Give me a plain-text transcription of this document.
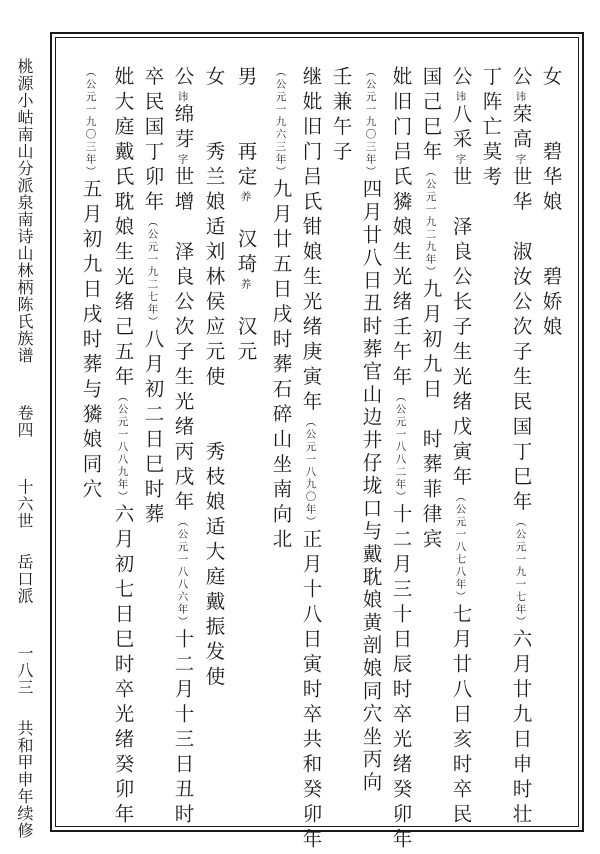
桃源小岵南山分派泉南诗山林柄陈氏族谱  卷四  十六世  岳口派  一八三  共和甲申年续修
女　　碧华娘　　碧娇娘
公讳荣高字世华　淑汝公次子生民国丁巳年（公元一九一七年）六月廿九日申时壮
丁阵亡莫考
公讳八采字世　泽良公长子生光绪戊寅年（公元一八七八年）七月廿八日亥时卒民
国己巳年（公元一九二九年）九月初九日　时葬菲律宾
妣旧门吕氏獜娘生光绪壬午年（公元一八八二年）十二月三十日辰时卒光绪癸卯年
（公元一九〇三年）四月廿八日丑时葬官山边井仔垅口与戴耽娘黄剖娘同穴坐丙向
壬兼午子
继妣旧门吕氏钳娘生光绪庚寅年（公元一八九〇年）正月十八日寅时卒共和癸卯年
（公元一九六三年）九月廿五日戌时葬石碎山坐南向北
男　　再定养　汉琦养　汉元
女　　秀兰娘适刘林侯应元使　　秀枝娘适大庭戴振发使
公讳绵芽字世增　泽良公次子生光绪丙戌年（公元一八八六年）十二月十三日丑时
卒民国丁卯年（公元一九二七年）八月初二日巳时葬
妣大庭戴氏耽娘生光绪己五年（公元一八八九年）六月初七日巳时卒光绪癸卯年
（公元一九〇三年）五月初九日戌时葬与獜娘同穴
